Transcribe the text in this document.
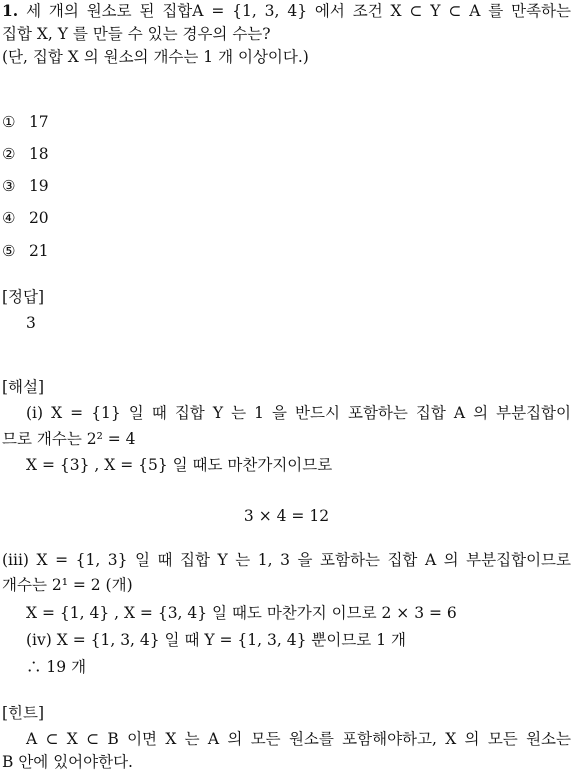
1. 세 개의 원소로 된 집합A = {1, 3, 4} 에서 조건 X ⊂ Y ⊂ A 를 만족하는
집합 X, Y 를 만들 수 있는 경우의 수는?
(단, 집합 X 의 원소의 개수는 1 개 이상이다.)
① 17
② 18
③ 19
④ 20
⑤ 21
[정답]
3
[해설]
(i) X = {1} 일 때 집합 Y 는 1 을 반드시 포함하는 집합 A 의 부분집합이
므로 개수는 2² = 4
X = {3} , X = {5} 일 때도 마찬가지이므로
3 × 4 = 12
(iii) X = {1, 3} 일 때 집합 Y 는 1, 3 을 포함하는 집합 A 의 부분집합이므로
개수는 2¹ = 2 (개)
X = {1, 4} , X = {3, 4} 일 때도 마찬가지 이므로 2 × 3 = 6
(iv) X = {1, 3, 4} 일 때 Y = {1, 3, 4} 뿐이므로 1 개
∴ 19 개
[힌트]
A ⊂ X ⊂ B 이면 X 는 A 의 모든 원소를 포함해야하고, X 의 모든 원소는
B 안에 있어야한다.
